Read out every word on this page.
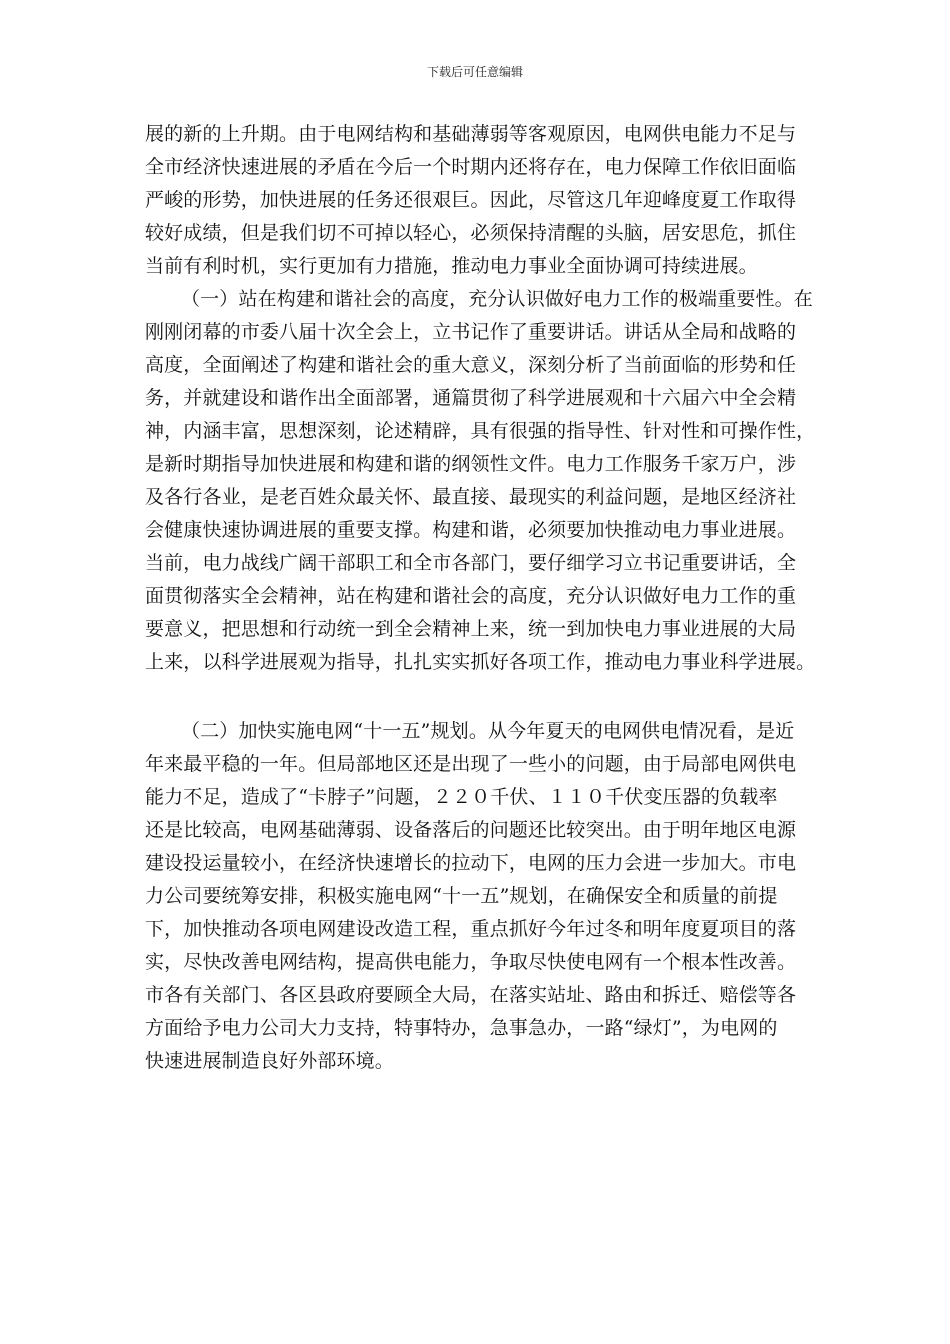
下载后可任意编辑
展的新的上升期。由于电网结构和基础薄弱等客观原因，电网供电能力不足与
全市经济快速进展的矛盾在今后一个时期内还将存在，电力保障工作依旧面临
严峻的形势，加快进展的任务还很艰巨。因此，尽管这几年迎峰度夏工作取得
较好成绩，但是我们切不可掉以轻心，必须保持清醒的头脑，居安思危，抓住
当前有利时机，实行更加有力措施，推动电力事业全面协调可持续进展。
（一）站在构建和谐社会的高度，充分认识做好电力工作的极端重要性。在
刚刚闭幕的市委八届十次全会上，立书记作了重要讲话。讲话从全局和战略的
高度，全面阐述了构建和谐社会的重大意义，深刻分析了当前面临的形势和任
务，并就建设和谐作出全面部署，通篇贯彻了科学进展观和十六届六中全会精
神，内涵丰富，思想深刻，论述精辟，具有很强的指导性、针对性和可操作性，
是新时期指导加快进展和构建和谐的纲领性文件。电力工作服务千家万户，涉
及各行各业，是老百姓众最关怀、最直接、最现实的利益问题，是地区经济社
会健康快速协调进展的重要支撑。构建和谐，必须要加快推动电力事业进展。
当前，电力战线广阔干部职工和全市各部门，要仔细学习立书记重要讲话，全
面贯彻落实全会精神，站在构建和谐社会的高度，充分认识做好电力工作的重
要意义，把思想和行动统一到全会精神上来，统一到加快电力事业进展的大局
上来，以科学进展观为指导，扎扎实实抓好各项工作，推动电力事业科学进展。
（二）加快实施电网“十一五”规划。从今年夏天的电网供电情况看，是近
年来最平稳的一年。但局部地区还是出现了一些小的问题，由于局部电网供电
能力不足，造成了“卡脖子”问题，２２０千伏、１１０千伏变压器的负载率
还是比较高，电网基础薄弱、设备落后的问题还比较突出。由于明年地区电源
建设投运量较小，在经济快速增长的拉动下，电网的压力会进一步加大。市电
力公司要统筹安排，积极实施电网“十一五”规划，在确保安全和质量的前提
下，加快推动各项电网建设改造工程，重点抓好今年过冬和明年度夏项目的落
实，尽快改善电网结构，提高供电能力，争取尽快使电网有一个根本性改善。
市各有关部门、各区县政府要顾全大局，在落实站址、路由和拆迁、赔偿等各
方面给予电力公司大力支持，特事特办，急事急办，一路“绿灯”，为电网的
快速进展制造良好外部环境。
